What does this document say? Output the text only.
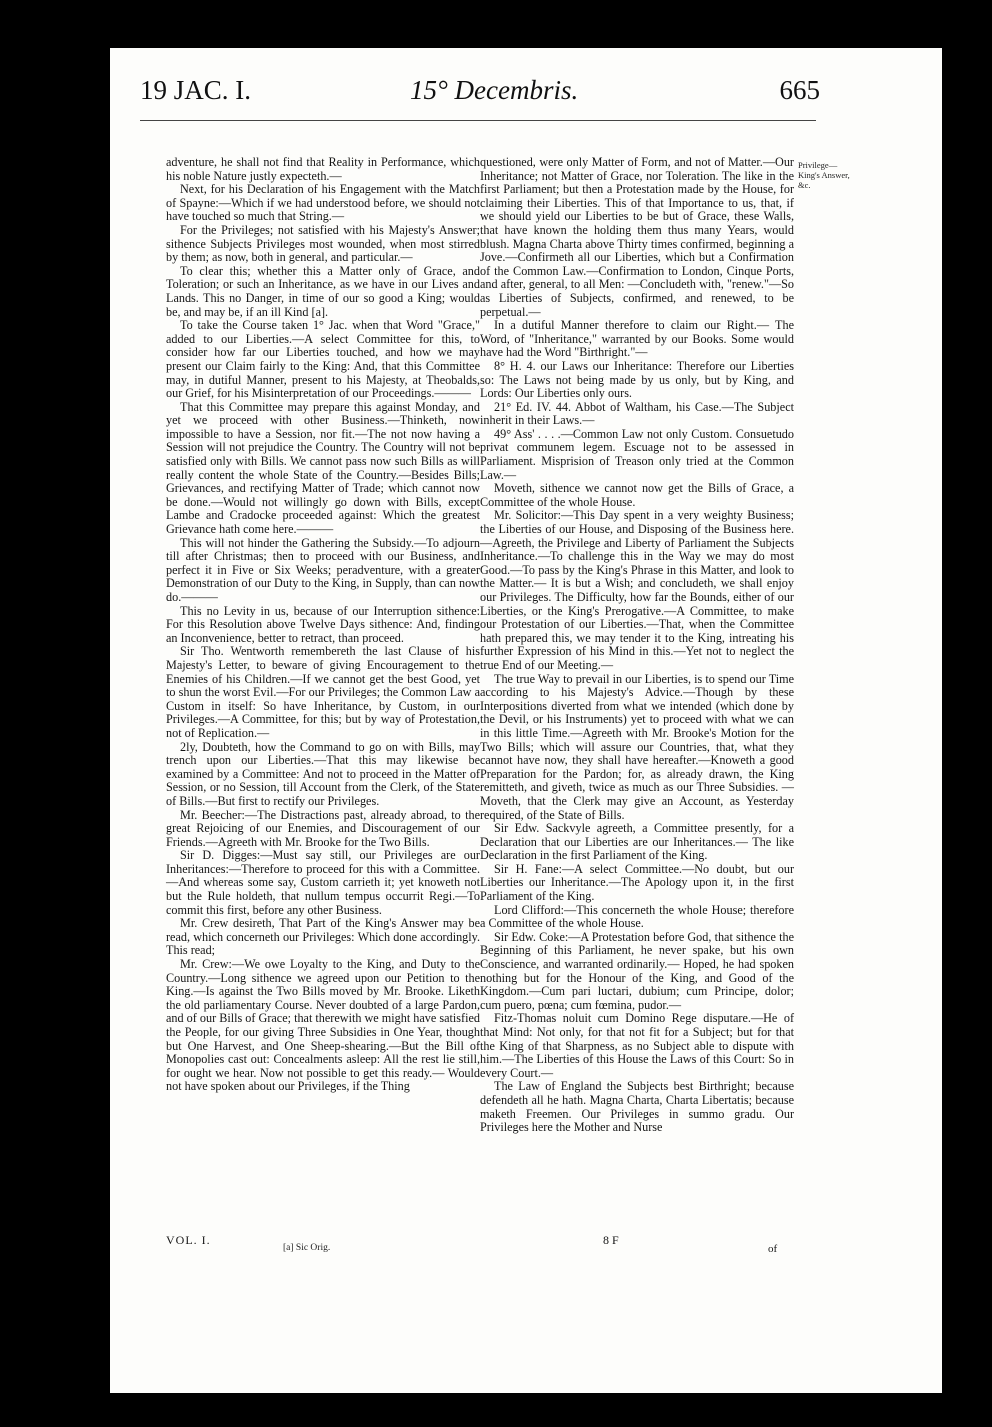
19 JAC. I.	15° Decembris.	665

adventure, he shall not find that Reality in Performance, which his noble Nature justly expecteth.—

Next, for his Declaration of his Engagement with the Match of Spayne:—Which if we had understood before, we should not have touched so much that String.—

For the Privileges; not satisfied with his Majesty's Answer; sithence Subjects Privileges most wounded, when most stirred by them; as now, both in general, and particular.—

To clear this; whether this a Matter only of Grace, and Toleration; or such an Inheritance, as we have in our Lives and Lands. This no Danger, in time of our so good a King; would be, and may be, if an ill Kind [a].

To take the Course taken 1° Jac. when that Word "Grace," added to our Liberties.—A select Committee for this, to consider how far our Liberties touched, and how we may present our Claim fairly to the King: And, that this Committee may, in dutiful Manner, present to his Majesty, at Theobalds, our Grief, for his Misinterpretation of our Proceedings.———

That this Committee may prepare this against Monday, and yet we proceed with other Business.—Thinketh, now impossible to have a Session, nor fit.—The not now having a Session will not prejudice the Country. The Country will not be satisfied only with Bills. We cannot pass now such Bills as will really content the whole State of the Country.—Besides Bills; Grievances, and rectifying Matter of Trade; which cannot now be done.—Would not willingly go down with Bills, except Lambe and Cradocke proceeded against: Which the greatest Grievance hath come here.———

This will not hinder the Gathering the Subsidy.—To adjourn till after Christmas; then to proceed with our Business, and perfect it in Five or Six Weeks; peradventure, with a greater Demonstration of our Duty to the King, in Supply, than can now do.———

This no Levity in us, because of our Interruption sithence: For this Resolution above Twelve Days sithence: And, finding an Inconvenience, better to retract, than proceed.

Sir Tho. Wentworth remembereth the last Clause of his Majesty's Letter, to beware of giving Encouragement to the Enemies of his Children.—If we cannot get the best Good, yet to shun the worst Evil.—For our Privileges; the Common Law a Custom in itself: So have Inheritance, by Custom, in our Privileges.—A Committee, for this; but by way of Protestation, not of Replication.—

2ly, Doubteth, how the Command to go on with Bills, may trench upon our Liberties.—That this may likewise be examined by a Committee: And not to proceed in the Matter of Session, or no Session, till Account from the Clerk, of the State of Bills.—But first to rectify our Privileges.

Mr. Beecher:—The Distractions past, already abroad, to the great Rejoicing of our Enemies, and Discouragement of our Friends.—Agreeth with Mr. Brooke for the Two Bills.

Sir D. Digges:—Must say still, our Privileges are our Inheritances:—Therefore to proceed for this with a Committee.—And whereas some say, Custom carrieth it; yet knoweth not but the Rule holdeth, that nullum tempus occurrit Regi.—To commit this first, before any other Business.

Mr. Crew desireth, That Part of the King's Answer may be read, which concerneth our Privileges: Which done accordingly. This read;

Mr. Crew:—We owe Loyalty to the King, and Duty to the Country.—Long sithence we agreed upon our Petition to the King.—Is against the Two Bills moved by Mr. Brooke. Liketh the old parliamentary Course. Never doubted of a large Pardon, and of our Bills of Grace; that therewith we might have satisfied the People, for our giving Three Subsidies in One Year, though but One Harvest, and One Sheep-shearing.—But the Bill of Monopolies cast out: Concealments asleep: All the rest lie still, for ought we hear. Now not possible to get this ready.— Would not have spoken about our Privileges, if the Thing

questioned, were only Matter of Form, and not of Matter.—Our Inheritance; not Matter of Grace, nor Toleration. The like in the first Parliament; but then a Protestation made by the House, for claiming their Liberties. This of that Importance to us, that, if we should yield our Liberties to be but of Grace, these Walls, that have known the holding them thus many Years, would blush. Magna Charta above Thirty times confirmed, beginning a Jove.—Confirmeth all our Liberties, which but a Confirmation of the Common Law.—Confirmation to London, Cinque Ports, and after, general, to all Men: —Concludeth with, "renew."—So as Liberties of Subjects, confirmed, and renewed, to be perpetual.—

In a dutiful Manner therefore to claim our Right.— The Word, of "Inheritance," warranted by our Books. Some would have had the Word "Birthright."—

8° H. 4. our Laws our Inheritance: Therefore our Liberties so: The Laws not being made by us only, but by King, and Lords: Our Liberties only ours.

21° Ed. IV. 44. Abbot of Waltham, his Case.—The Subject inherit in their Laws.—

49° Ass' . . . .—Common Law not only Custom. Consuetudo privat communem legem. Escuage not to be assessed in Parliament. Misprision of Treason only tried at the Common Law.—

Moveth, sithence we cannot now get the Bills of Grace, a Committee of the whole House.

Mr. Solicitor:—This Day spent in a very weighty Business; the Liberties of our House, and Disposing of the Business here.—Agreeth, the Privilege and Liberty of Parliament the Subjects Inheritance.—To challenge this in the Way we may do most Good.—To pass by the King's Phrase in this Matter, and look to the Matter.— It is but a Wish; and concludeth, we shall enjoy our Privileges. The Difficulty, how far the Bounds, either of our Liberties, or the King's Prerogative.—A Committee, to make our Protestation of our Liberties.—That, when the Committee hath prepared this, we may tender it to the King, intreating his further Expression of his Mind in this.—Yet not to neglect the true End of our Meeting.—

The true Way to prevail in our Liberties, is to spend our Time according to his Majesty's Advice.—Though by these Interpositions diverted from what we intended (which done by the Devil, or his Instruments) yet to proceed with what we can in this little Time.—Agreeth with Mr. Brooke's Motion for the Two Bills; which will assure our Countries, that, what they cannot have now, they shall have hereafter.—Knoweth a good Preparation for the Pardon; for, as already drawn, the King remitteth, and giveth, twice as much as our Three Subsidies. —Moveth, that the Clerk may give an Account, as Yesterday required, of the State of Bills.

Sir Edw. Sackvyle agreeth, a Committee presently, for a Declaration that our Liberties are our Inheritances.— The like Declaration in the first Parliament of the King.

Sir H. Fane:—A select Committee.—No doubt, but our Liberties our Inheritance.—The Apology upon it, in the first Parliament of the King.

Lord Clifford:—This concerneth the whole House; therefore a Committee of the whole House.

Sir Edw. Coke:—A Protestation before God, that sithence the Beginning of this Parliament, he never spake, but his own Conscience, and warranted ordinarily.— Hoped, he had spoken nothing but for the Honour of the King, and Good of the Kingdom.—Cum pari luctari, dubium; cum Principe, dolor; cum puero, pœna; cum fœmina, pudor.—

Fitz-Thomas noluit cum Domino Rege disputare.—He of that Mind: Not only, for that not fit for a Subject; but for that the King of that Sharpness, as no Subject able to dispute with him.—The Liberties of this House the Laws of this Court: So in every Court.—

The Law of England the Subjects best Birthright; because defendeth all he hath. Magna Charta, Charta Libertatis; because maketh Freemen. Our Privileges in summo gradu. Our Privileges here the Mother and Nurse

Privilege— King's Answer, &c.
VOL. I.
[a] Sic Orig.
8 F
of
